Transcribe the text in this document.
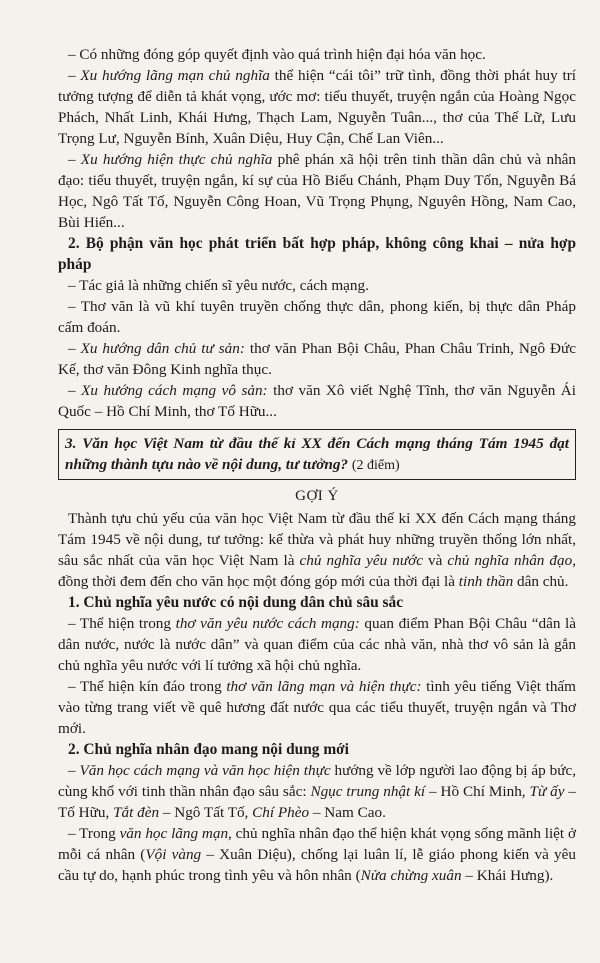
– Có những đóng góp quyết định vào quá trình hiện đại hóa văn học.

– Xu hướng lãng mạn chủ nghĩa thể hiện “cái tôi” trữ tình, đồng thời phát huy trí tưởng tượng để diễn tả khát vọng, ước mơ: tiểu thuyết, truyện ngắn của Hoàng Ngọc Phách, Nhất Linh, Khái Hưng, Thạch Lam, Nguyễn Tuân..., thơ của Thế Lữ, Lưu Trọng Lư, Nguyễn Bính, Xuân Diệu, Huy Cận, Chế Lan Viên...

– Xu hướng hiện thực chủ nghĩa phê phán xã hội trên tinh thần dân chủ và nhân đạo: tiểu thuyết, truyện ngắn, kí sự của Hồ Biểu Chánh, Phạm Duy Tốn, Nguyễn Bá Học, Ngô Tất Tố, Nguyễn Công Hoan, Vũ Trọng Phụng, Nguyên Hồng, Nam Cao, Bùi Hiển...

2. Bộ phận văn học phát triển bất hợp pháp, không công khai – nửa hợp pháp

– Tác giả là những chiến sĩ yêu nước, cách mạng.

– Thơ văn là vũ khí tuyên truyền chống thực dân, phong kiến, bị thực dân Pháp cấm đoán.

– Xu hướng dân chủ tư sản: thơ văn Phan Bội Châu, Phan Châu Trinh, Ngô Đức Kế, thơ văn Đông Kinh nghĩa thục.

– Xu hướng cách mạng vô sản: thơ văn Xô viết Nghệ Tĩnh, thơ văn Nguyễn Ái Quốc – Hồ Chí Minh, thơ Tố Hữu...

3. Văn học Việt Nam từ đầu thế kỉ XX đến Cách mạng tháng Tám 1945 đạt những thành tựu nào về nội dung, tư tưởng? (2 điểm)

GỢI Ý

Thành tựu chủ yếu của văn học Việt Nam từ đầu thế kỉ XX đến Cách mạng tháng Tám 1945 về nội dung, tư tưởng: kế thừa và phát huy những truyền thống lớn nhất, sâu sắc nhất của văn học Việt Nam là chủ nghĩa yêu nước và chủ nghĩa nhân đạo, đồng thời đem đến cho văn học một đóng góp mới của thời đại là tinh thần dân chủ.

1. Chủ nghĩa yêu nước có nội dung dân chủ sâu sắc

– Thể hiện trong thơ văn yêu nước cách mạng: quan điểm Phan Bội Châu “dân là dân nước, nước là nước dân” và quan điểm của các nhà văn, nhà thơ vô sản là gắn chủ nghĩa yêu nước với lí tưởng xã hội chủ nghĩa.

– Thể hiện kín đáo trong thơ văn lãng mạn và hiện thực: tình yêu tiếng Việt thấm vào từng trang viết về quê hương đất nước qua các tiểu thuyết, truyện ngắn và Thơ mới.

2. Chủ nghĩa nhân đạo mang nội dung mới

– Văn học cách mạng và văn học hiện thực hướng về lớp người lao động bị áp bức, cùng khổ với tinh thần nhân đạo sâu sắc: Ngục trung nhật kí – Hồ Chí Minh, Từ ấy – Tố Hữu, Tắt đèn – Ngô Tất Tố, Chí Phèo – Nam Cao.

– Trong văn học lãng mạn, chủ nghĩa nhân đạo thể hiện khát vọng sống mãnh liệt ở mỗi cá nhân (Vội vàng – Xuân Diệu), chống lại luân lí, lễ giáo phong kiến và yêu cầu tự do, hạnh phúc trong tình yêu và hôn nhân (Nửa chừng xuân – Khái Hưng).
